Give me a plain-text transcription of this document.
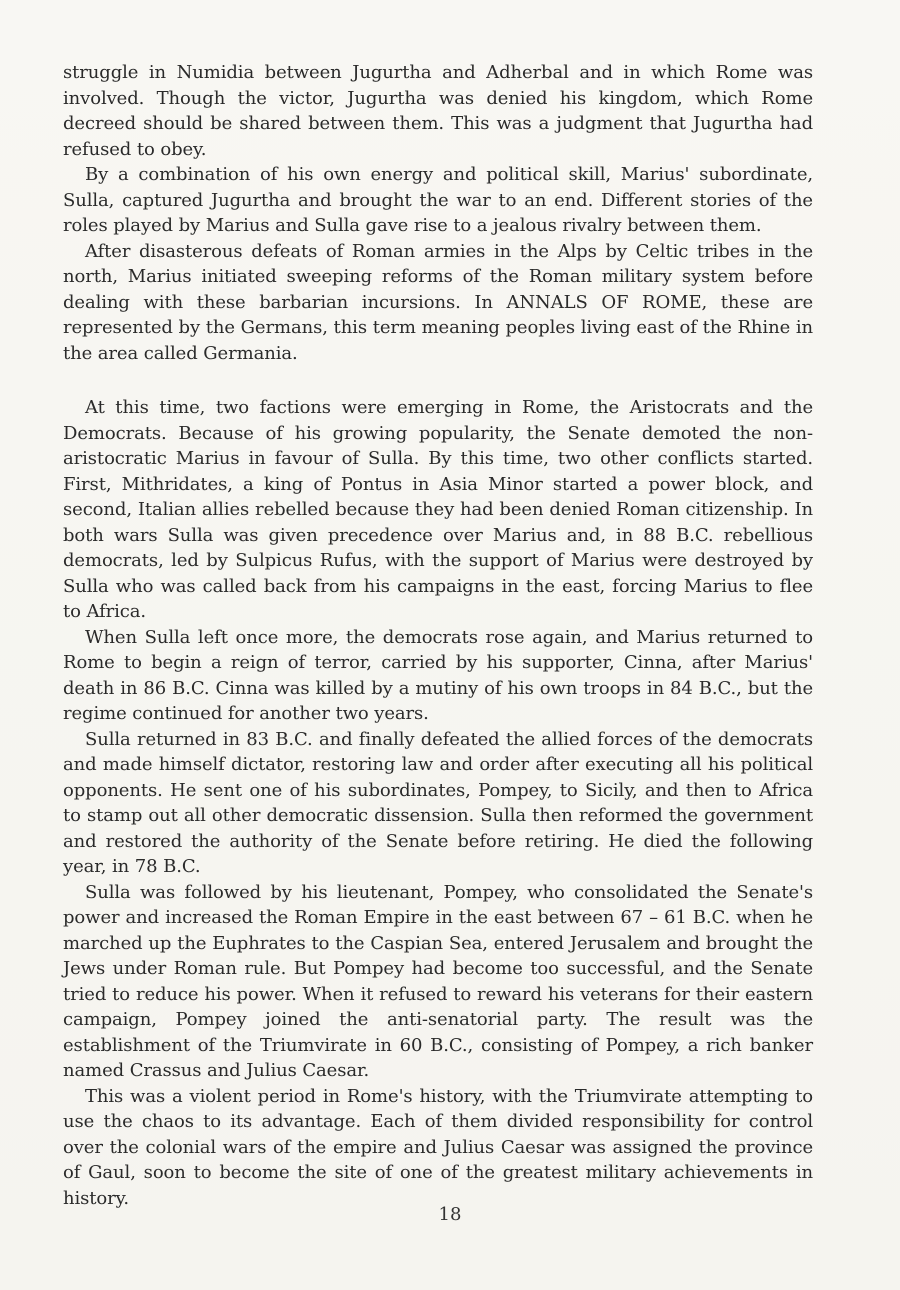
struggle in Numidia between Jugurtha and Adherbal and in which Rome was involved. Though the victor, Jugurtha was denied his kingdom, which Rome decreed should be shared between them. This was a judgment that Jugurtha had refused to obey.

By a combination of his own energy and political skill, Marius' subordinate, Sulla, captured Jugurtha and brought the war to an end. Different stories of the roles played by Marius and Sulla gave rise to a jealous rivalry between them.

After disasterous defeats of Roman armies in the Alps by Celtic tribes in the north, Marius initiated sweeping reforms of the Roman military system before dealing with these barbarian incursions. In ANNALS OF ROME, these are represented by the Germans, this term meaning peoples living east of the Rhine in the area called Germania.

At this time, two factions were emerging in Rome, the Aristocrats and the Democrats. Because of his growing popularity, the Senate demoted the non-aristocratic Marius in favour of Sulla. By this time, two other conflicts started. First, Mithridates, a king of Pontus in Asia Minor started a power block, and second, Italian allies rebelled because they had been denied Roman citizenship. In both wars Sulla was given precedence over Marius and, in 88 B.C. rebellious democrats, led by Sulpicus Rufus, with the support of Marius were destroyed by Sulla who was called back from his campaigns in the east, forcing Marius to flee to Africa.

When Sulla left once more, the democrats rose again, and Marius returned to Rome to begin a reign of terror, carried by his supporter, Cinna, after Marius' death in 86 B.C. Cinna was killed by a mutiny of his own troops in 84 B.C., but the regime continued for another two years.

Sulla returned in 83 B.C. and finally defeated the allied forces of the democrats and made himself dictator, restoring law and order after executing all his political opponents. He sent one of his subordinates, Pompey, to Sicily, and then to Africa to stamp out all other democratic dissension. Sulla then reformed the government and restored the authority of the Senate before retiring. He died the following year, in 78 B.C.

Sulla was followed by his lieutenant, Pompey, who consolidated the Senate's power and increased the Roman Empire in the east between 67 – 61 B.C. when he marched up the Euphrates to the Caspian Sea, entered Jerusalem and brought the Jews under Roman rule. But Pompey had become too successful, and the Senate tried to reduce his power. When it refused to reward his veterans for their eastern campaign, Pompey joined the anti-senatorial party. The result was the establishment of the Triumvirate in 60 B.C., consisting of Pompey, a rich banker named Crassus and Julius Caesar.

This was a violent period in Rome's history, with the Triumvirate attempting to use the chaos to its advantage. Each of them divided responsibility for control over the colonial wars of the empire and Julius Caesar was assigned the province of Gaul, soon to become the site of one of the greatest military achievements in history.

18
